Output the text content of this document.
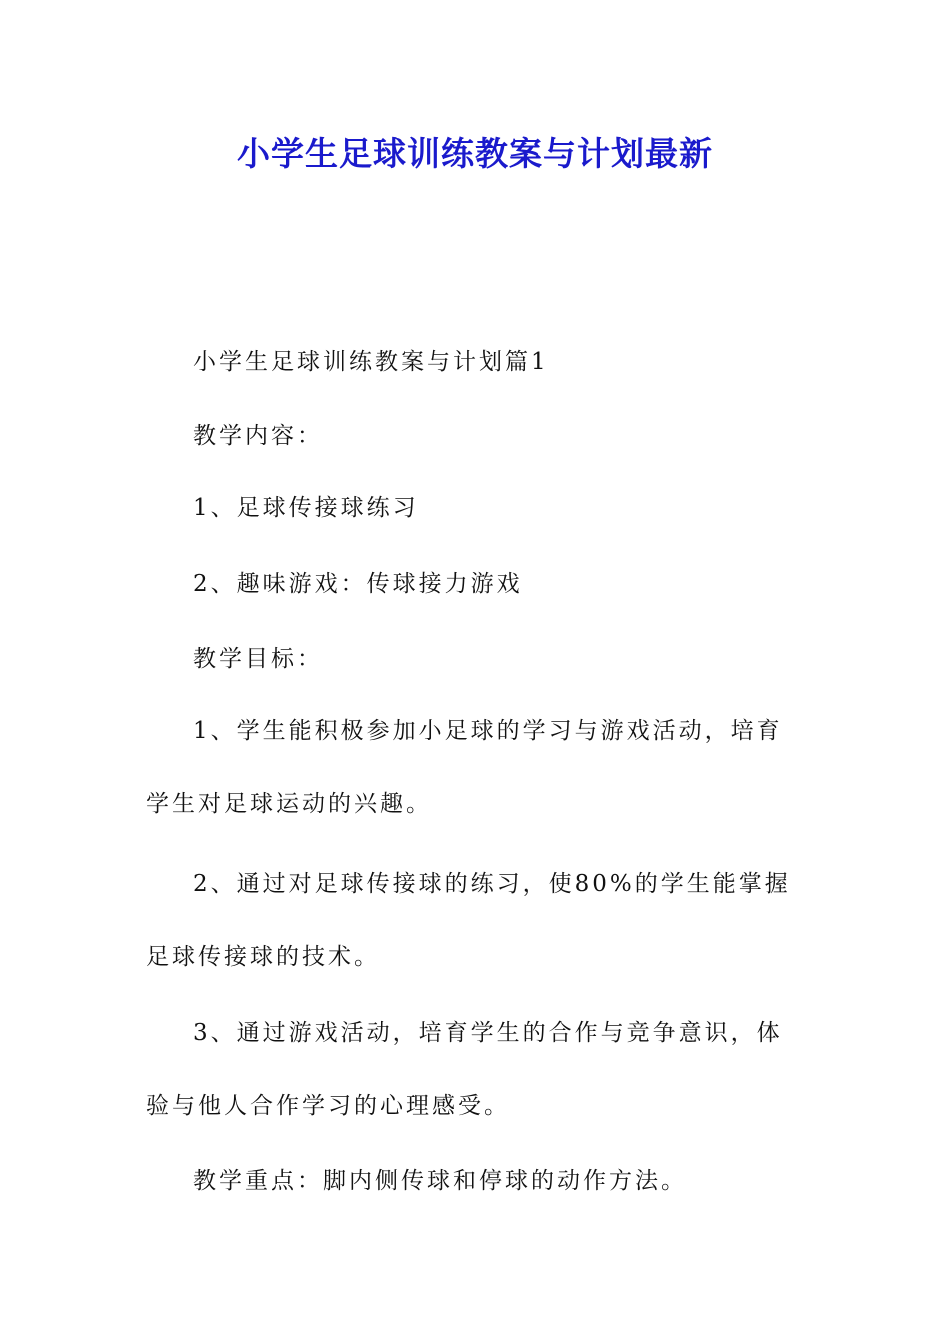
小学生足球训练教案与计划最新

小学生足球训练教案与计划篇1

教学内容：

1、足球传接球练习

2、趣味游戏：传球接力游戏

教学目标：

1、学生能积极参加小足球的学习与游戏活动，培育学生对足球运动的兴趣。

2、通过对足球传接球的练习，使80%的学生能掌握足球传接球的技术。

3、通过游戏活动，培育学生的合作与竞争意识，体验与他人合作学习的心理感受。

教学重点：脚内侧传球和停球的动作方法。
